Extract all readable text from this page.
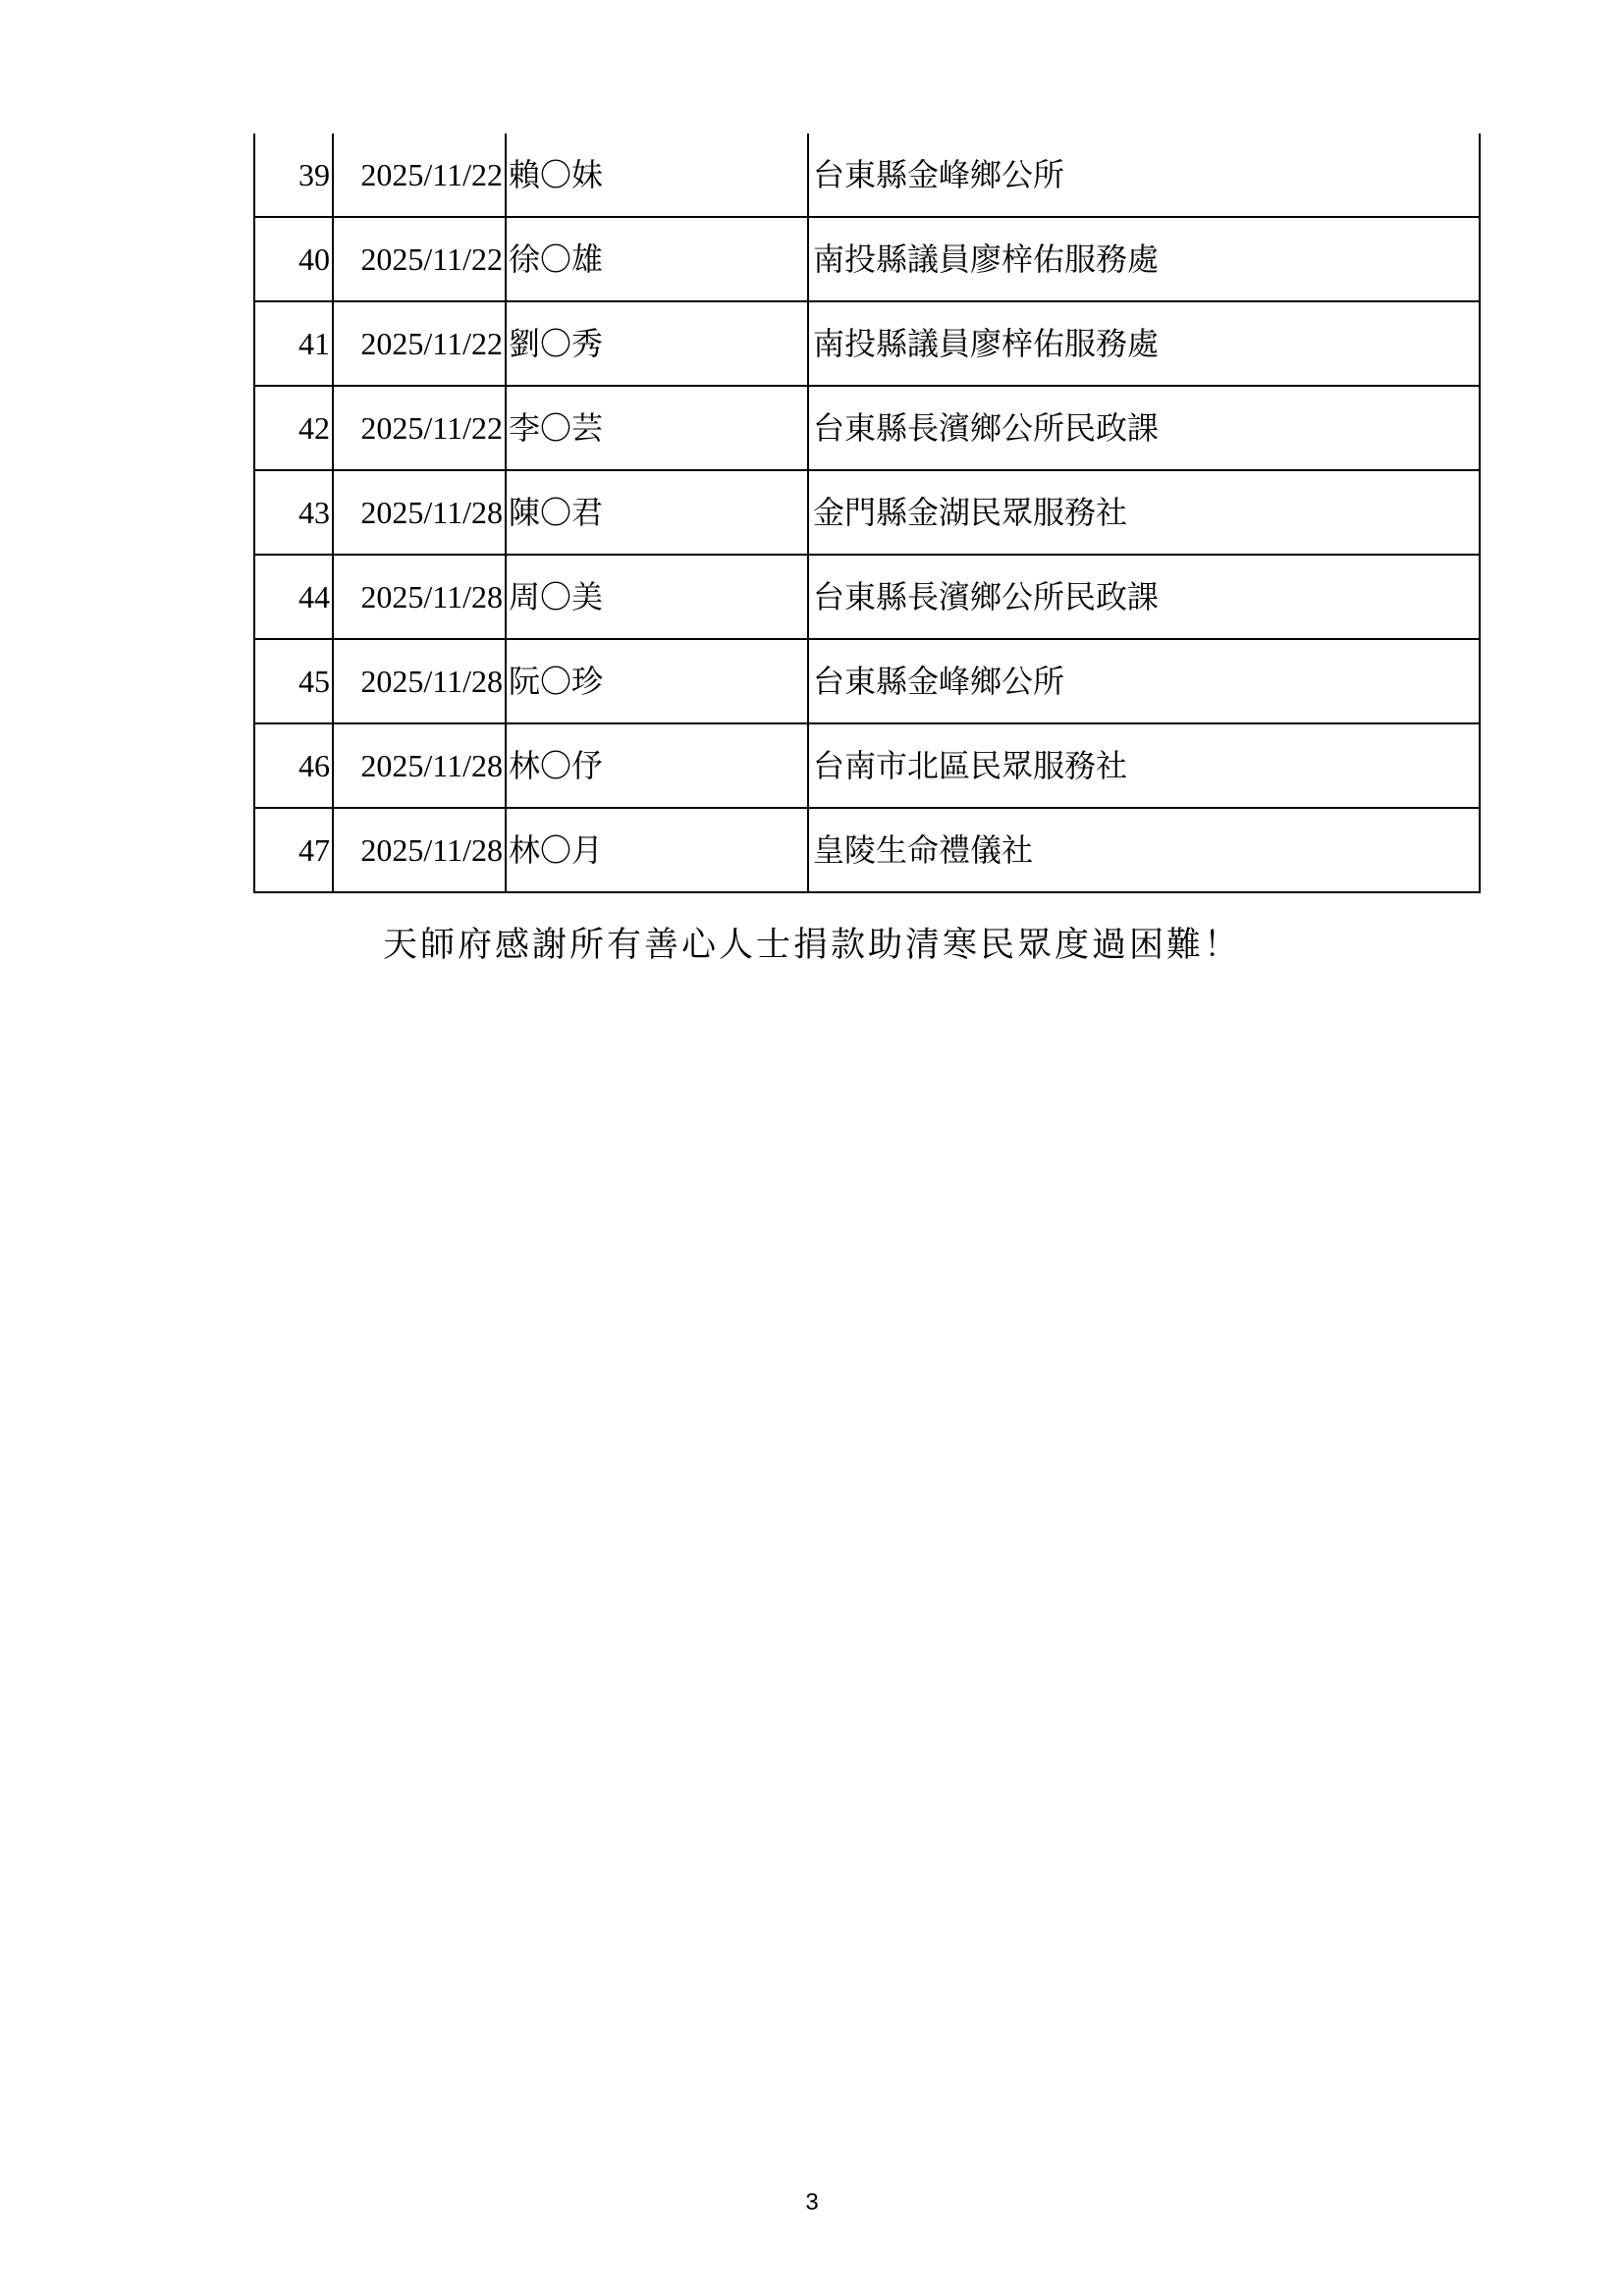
39	2025/11/22	賴〇妹	台東縣金峰鄉公所
40	2025/11/22	徐〇雄	南投縣議員廖梓佑服務處
41	2025/11/22	劉〇秀	南投縣議員廖梓佑服務處
42	2025/11/22	李〇芸	台東縣長濱鄉公所民政課
43	2025/11/28	陳〇君	金門縣金湖民眾服務社
44	2025/11/28	周〇美	台東縣長濱鄉公所民政課
45	2025/11/28	阮〇珍	台東縣金峰鄉公所
46	2025/11/28	林〇伃	台南市北區民眾服務社
47	2025/11/28	林〇月	皇陵生命禮儀社
天師府感謝所有善心人士捐款助清寒民眾度過困難！
3
